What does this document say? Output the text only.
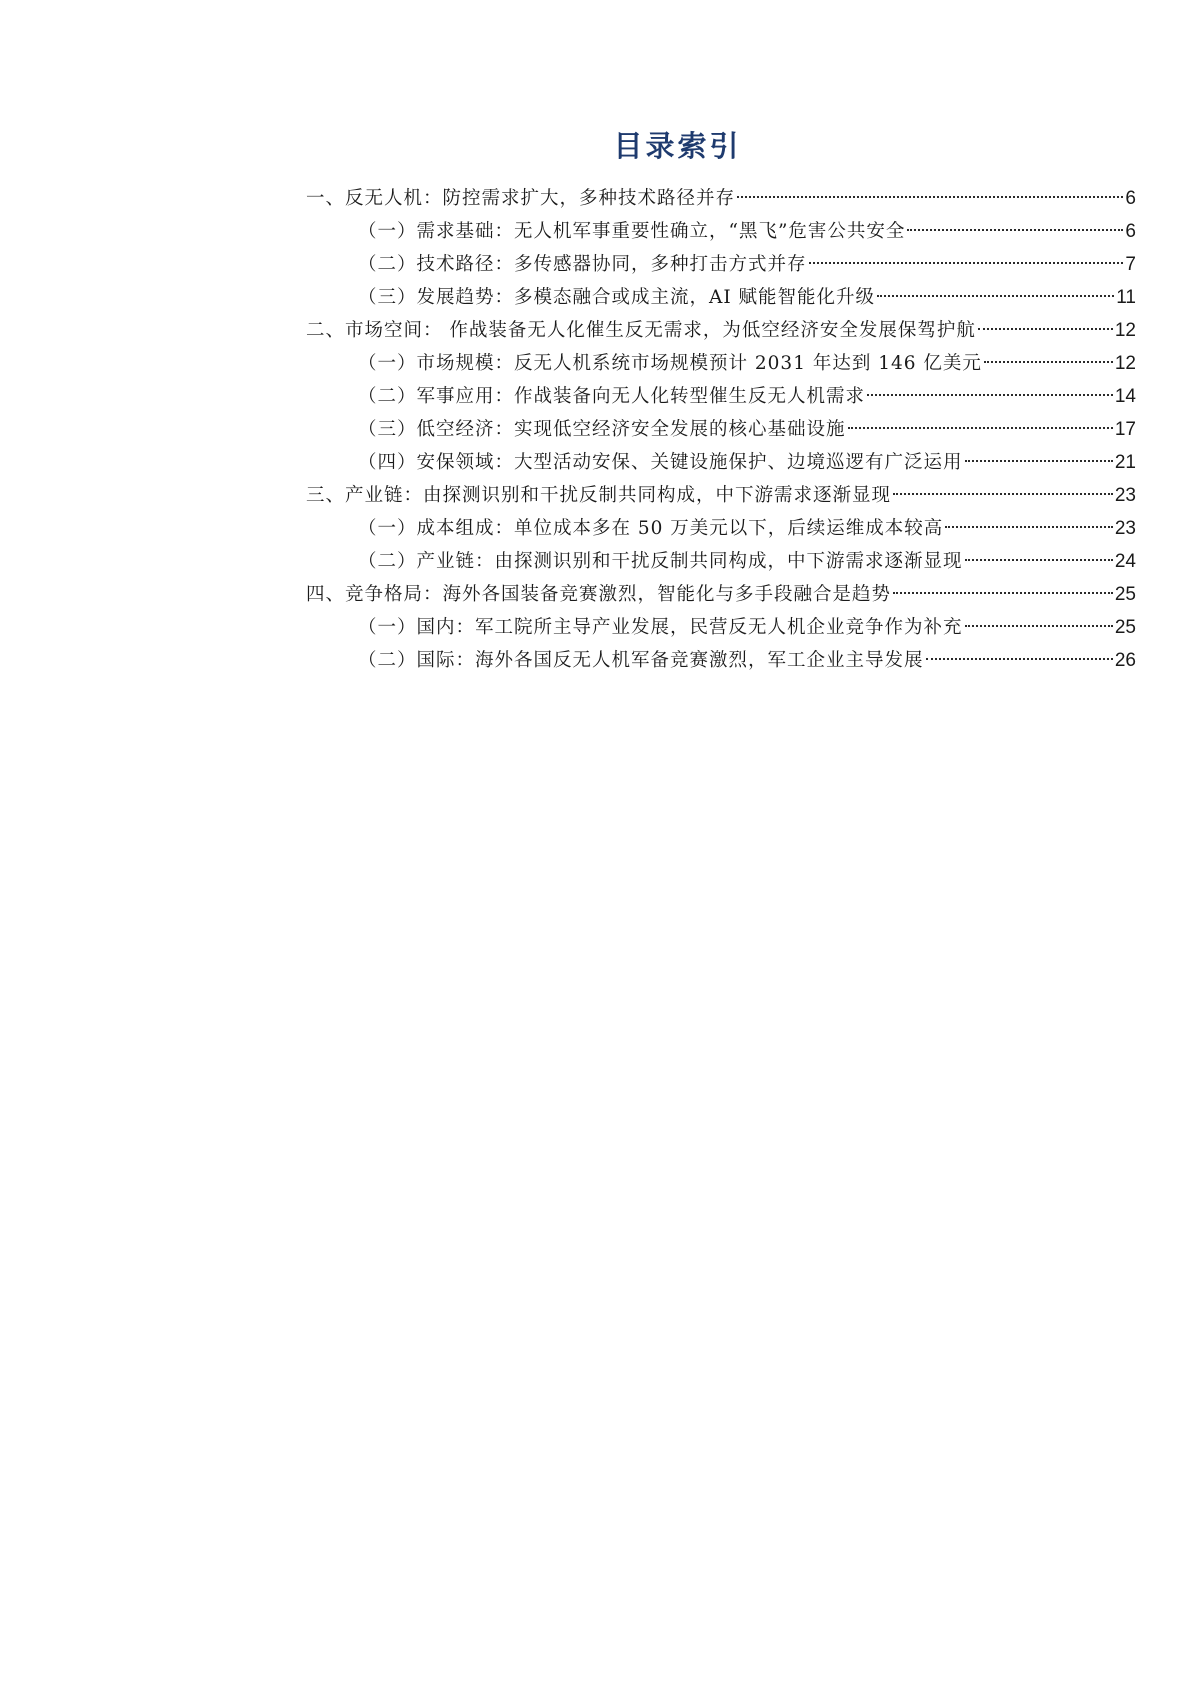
目录索引
一、反无人机：防控需求扩大，多种技术路径并存	6
（一）需求基础：无人机军事重要性确立，“黑飞”危害公共安全	6
（二）技术路径：多传感器协同，多种打击方式并存	7
（三）发展趋势：多模态融合或成主流，AI 赋能智能化升级	11
二、市场空间： 作战装备无人化催生反无需求，为低空经济安全发展保驾护航	12
（一）市场规模：反无人机系统市场规模预计 2031 年达到 146 亿美元	12
（二）军事应用：作战装备向无人化转型催生反无人机需求	14
（三）低空经济：实现低空经济安全发展的核心基础设施	17
（四）安保领域：大型活动安保、关键设施保护、边境巡逻有广泛运用	21
三、产业链：由探测识别和干扰反制共同构成，中下游需求逐渐显现	23
（一）成本组成：单位成本多在 50 万美元以下，后续运维成本较高	23
（二）产业链：由探测识别和干扰反制共同构成，中下游需求逐渐显现	24
四、竞争格局：海外各国装备竞赛激烈，智能化与多手段融合是趋势	25
（一）国内：军工院所主导产业发展，民营反无人机企业竞争作为补充	25
（二）国际：海外各国反无人机军备竞赛激烈，军工企业主导发展	26
